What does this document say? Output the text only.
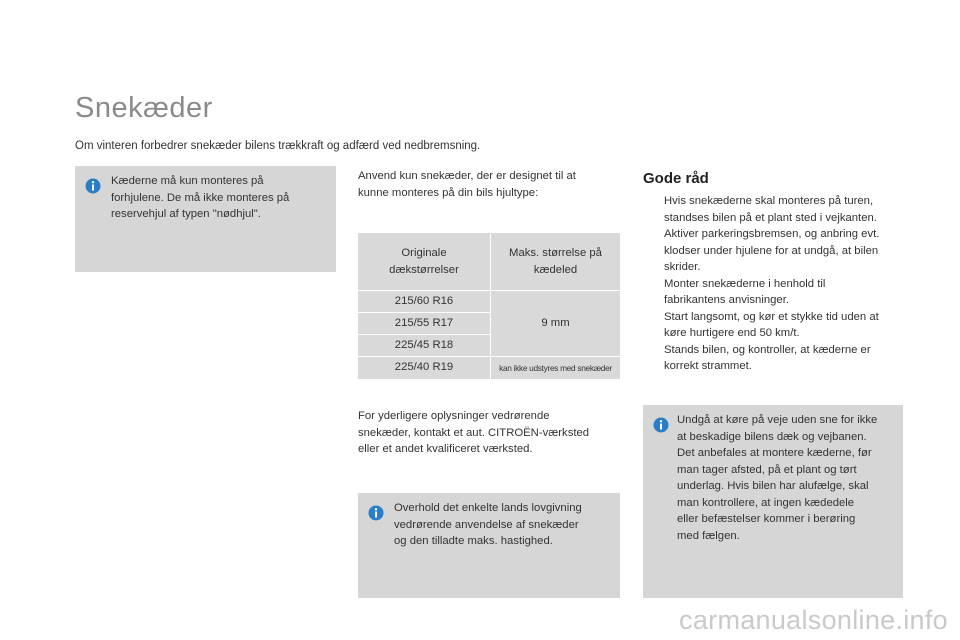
Snekæder
Om vinteren forbedrer snekæder bilens trækkraft og adfærd ved nedbremsning.
Kæderne må kun monteres på
forhjulene. De må ikke monteres på
reservehjul af typen "nødhjul".
Anvend kun snekæder, der er designet til at
kunne monteres på din bils hjultype:
Originale
dækstørrelser
Maks. størrelse på
kædeled
215/60 R16
215/55 R17
225/45 R18
225/40 R19
9 mm
kan ikke udstyres med snekæder
For yderligere oplysninger vedrørende
snekæder, kontakt et aut. CITROËN-værksted
eller et andet kvalificeret værksted.
Overhold det enkelte lands lovgivning
vedrørende anvendelse af snekæder
og den tilladte maks. hastighed.
Gode råd
Hvis snekæderne skal monteres på turen,
standses bilen på et plant sted i vejkanten.
Aktiver parkeringsbremsen, og anbring evt.
klodser under hjulene for at undgå, at bilen
skrider.
Monter snekæderne i henhold til
fabrikantens anvisninger.
Start langsomt, og kør et stykke tid uden at
køre hurtigere end 50 km/t.
Stands bilen, og kontroller, at kæderne er
korrekt strammet.
Undgå at køre på veje uden sne for ikke
at beskadige bilens dæk og vejbanen.
Det anbefales at montere kæderne, før
man tager afsted, på et plant og tørt
underlag. Hvis bilen har alufælge, skal
man kontrollere, at ingen kædedele
eller befæstelser kommer i berøring
med fælgen.
carmanualsonline.info
